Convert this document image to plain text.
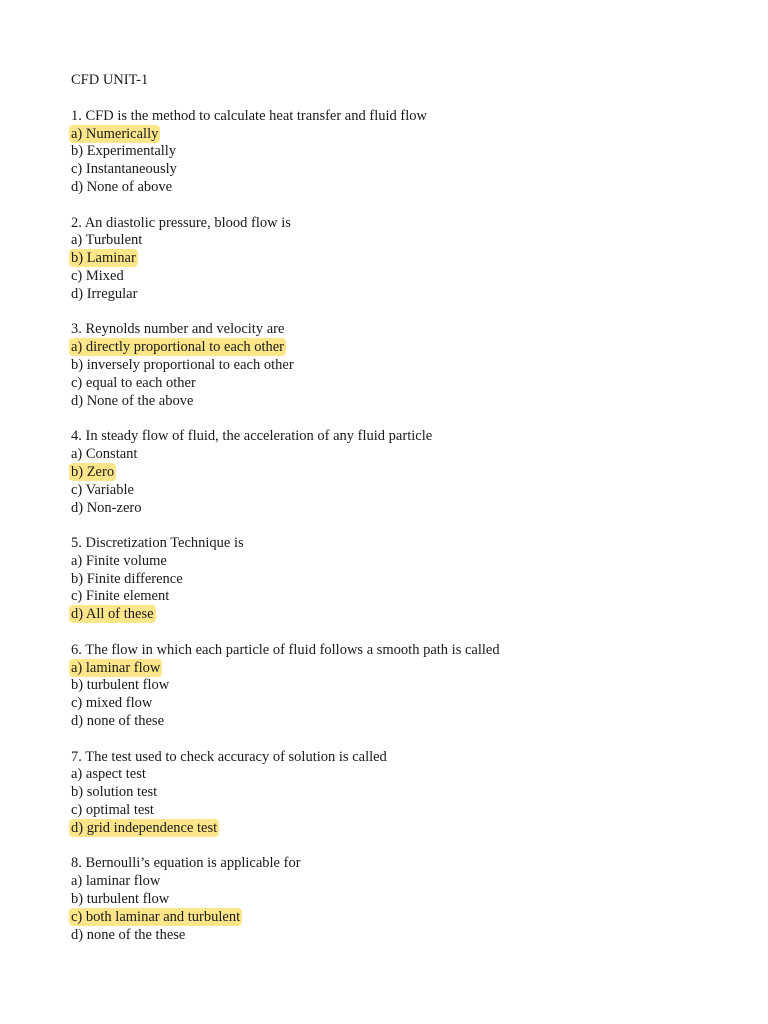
CFD UNIT-1
1. CFD is the method to calculate heat transfer and fluid flow
a) Numerically
b) Experimentally
c) Instantaneously
d) None of above
2. An diastolic pressure, blood flow is
a) Turbulent
b) Laminar
c) Mixed
d) Irregular
3. Reynolds number and velocity are
a) directly proportional to each other
b) inversely proportional to each other
c) equal to each other
d) None of the above
4. In steady flow of fluid, the acceleration of any fluid particle
a) Constant
b) Zero
c) Variable
d) Non-zero
5. Discretization Technique is
a) Finite volume
b) Finite difference
c) Finite element
d) All of these
6. The flow in which each particle of fluid follows a smooth path is called
a) laminar flow
b) turbulent flow
c) mixed flow
d) none of these
7. The test used to check accuracy of solution is called
a) aspect test
b) solution test
c) optimal test
d) grid independence test
8. Bernoulli’s equation is applicable for
a) laminar flow
b) turbulent flow
c) both laminar and turbulent
d) none of the these
